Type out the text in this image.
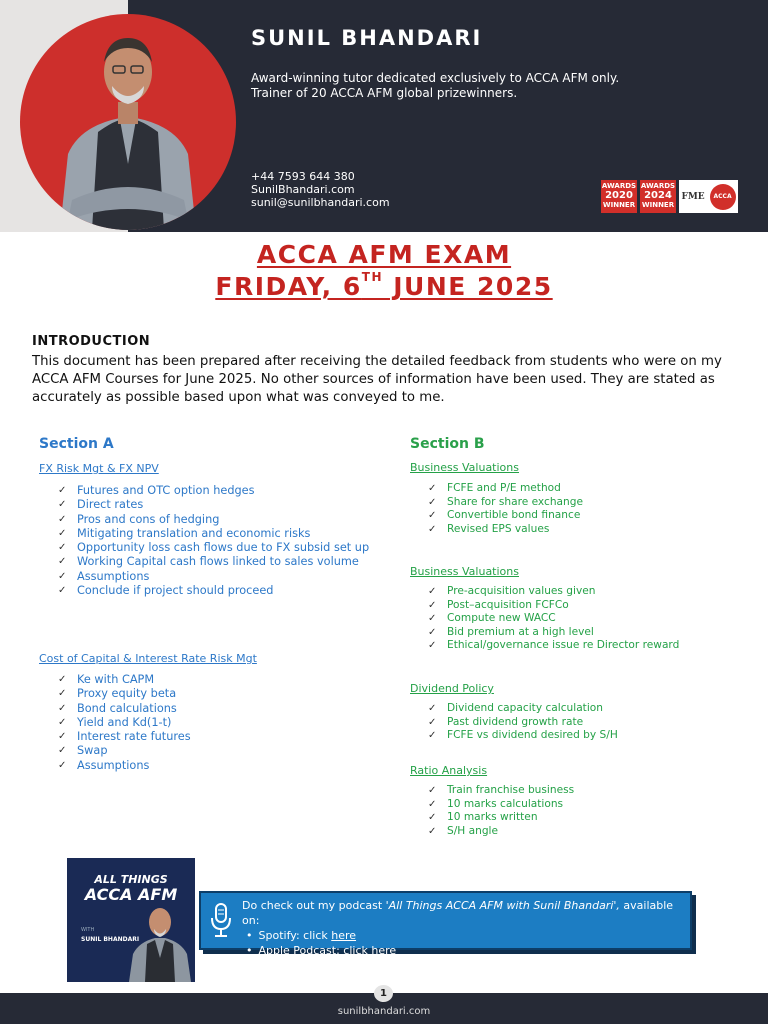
SUNIL BHANDARI
Award-winning tutor dedicated exclusively to ACCA AFM only.
Trainer of 20 ACCA AFM global prizewinners.
+44 7593 644 380
SunilBhandari.com
sunil@sunilbhandari.com
AWARDS
2020
WINNER
AWARDS
2024
WINNER
FME	ACCA
ACCA AFM EXAM
FRIDAY, 6TH JUNE 2025
INTRODUCTION
This document has been prepared after receiving the detailed feedback from students who were on my ACCA AFM Courses for June 2025. No other sources of information have been used. They are stated as accurately as possible based upon what was conveyed to me.
Section A
FX Risk Mgt & FX NPV
✓ Futures and OTC option hedges
✓ Direct rates
✓ Pros and cons of hedging
✓ Mitigating translation and economic risks
✓ Opportunity loss cash flows due to FX subsid set up
✓ Working Capital cash flows linked to sales volume
✓ Assumptions
✓ Conclude if project should proceed
Cost of Capital & Interest Rate Risk Mgt
✓ Ke with CAPM
✓ Proxy equity beta
✓ Bond calculations
✓ Yield and Kd(1-t)
✓ Interest rate futures
✓ Swap
✓ Assumptions
Section B
Business Valuations
✓ FCFE and P/E method
✓ Share for share exchange
✓ Convertible bond finance
✓ Revised EPS values
Business Valuations
✓ Pre-acquisition values given
✓ Post–acquisition FCFCo
✓ Compute new WACC
✓ Bid premium at a high level
✓ Ethical/governance issue re Director reward
Dividend Policy
✓ Dividend capacity calculation
✓ Past dividend growth rate
✓ FCFE vs dividend desired by S/H
Ratio Analysis
✓ Train franchise business
✓ 10 marks calculations
✓ 10 marks written
✓ S/H angle
ALL THINGS
ACCA AFM
WITH
SUNIL BHANDARI
Do check out my podcast 'All Things ACCA AFM with Sunil Bhandari', available on:
• Spotify: click here
• Apple Podcast: click here
1
sunilbhandari.com
